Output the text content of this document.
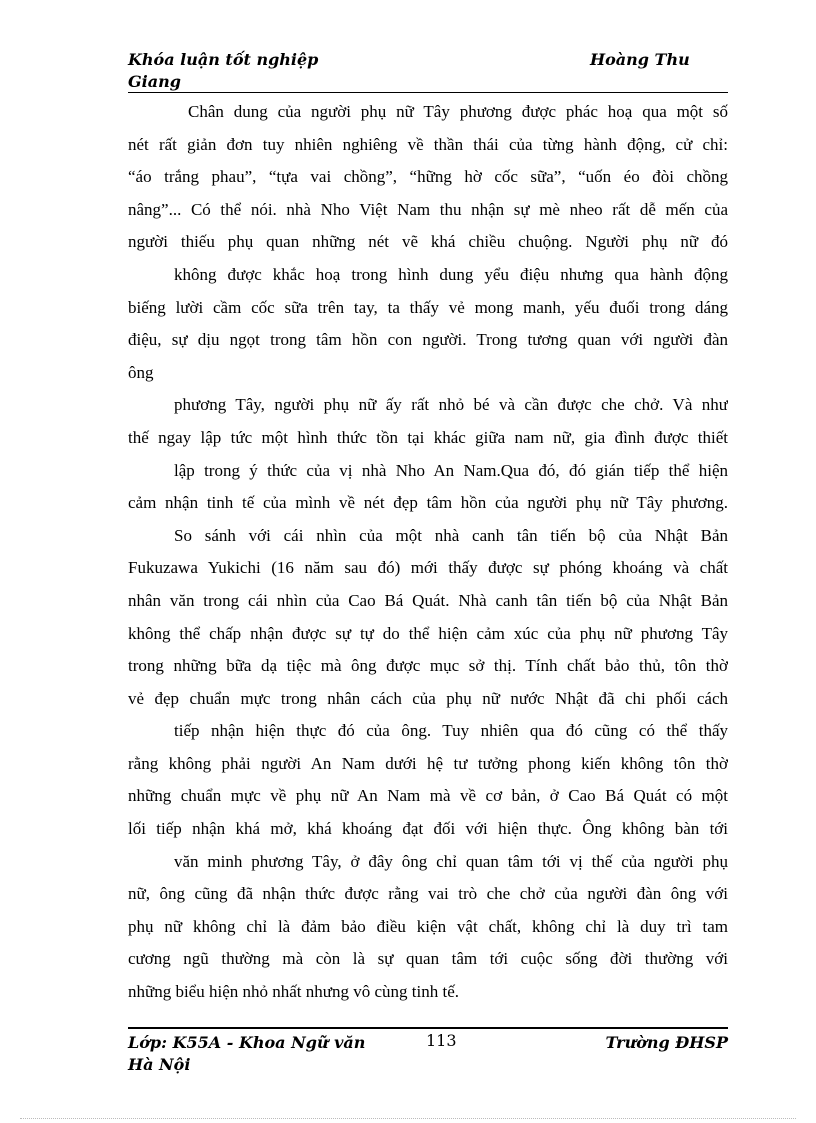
Khóa luận tốt nghiệp	Hoàng Thu
Giang
Chân dung của người phụ nữ Tây phương được phác hoạ qua một số
nét rất giản đơn tuy nhiên nghiêng về thần thái của từng hành động, cử chỉ:
“áo trắng phau”, “tựa vai chồng”, “hững hờ cốc sữa”, “uốn éo đòi chồng
nâng”... Có thể nói. nhà Nho Việt Nam thu nhận sự mè nheo rất dễ mến của
người thiếu phụ quan những nét vẽ khá chiều chuộng. Người phụ nữ đó
không được khắc hoạ trong hình dung yểu điệu nhưng qua hành động
biếng lười cầm cốc sữa trên tay, ta thấy vẻ mong manh, yếu đuối trong dáng
điệu, sự dịu ngọt trong tâm hồn con người. Trong tương quan với người đàn
ông
phương Tây, người phụ nữ ấy rất nhỏ bé và cần được che chở. Và như
thế ngay lập tức một hình thức tồn tại khác giữa nam nữ, gia đình được thiết
lập trong ý thức của vị nhà Nho An Nam.Qua đó, đó gián tiếp thể hiện
cảm nhận tinh tế của mình về nét đẹp tâm hồn của người phụ nữ Tây phương.
So sánh với cái nhìn của một nhà canh tân tiến bộ của Nhật Bản
Fukuzawa Yukichi (16 năm sau đó) mới thấy được sự phóng khoáng và chất
nhân văn trong cái nhìn của Cao Bá Quát. Nhà canh tân tiến bộ của Nhật Bản
không thể chấp nhận được sự tự do thể hiện cảm xúc của phụ nữ phương Tây
trong những bữa dạ tiệc mà ông được mục sở thị. Tính chất bảo thủ, tôn thờ
vẻ đẹp chuẩn mực trong nhân cách của phụ nữ nước Nhật đã chi phối cách
tiếp nhận hiện thực đó của ông. Tuy nhiên qua đó cũng có thể thấy
rằng không phải người An Nam dưới hệ tư tưởng phong kiến không tôn thờ
những chuẩn mực về phụ nữ An Nam mà về cơ bản, ở Cao Bá Quát có một
lối tiếp nhận khá mở, khá khoáng đạt đối với hiện thực. Ông không bàn tới
văn minh phương Tây, ở đây ông chỉ quan tâm tới vị thế của người phụ
nữ, ông cũng đã nhận thức được rằng vai trò che chở của người đàn ông với
phụ nữ không chỉ là đảm bảo điều kiện vật chất, không chỉ là duy trì tam
cương ngũ thường mà còn là sự quan tâm tới cuộc sống đời thường với
những biểu hiện nhỏ nhất nhưng vô cùng tinh tế.
Lớp: K55A - Khoa Ngữ văn	113	Trường ĐHSP
Hà Nội
